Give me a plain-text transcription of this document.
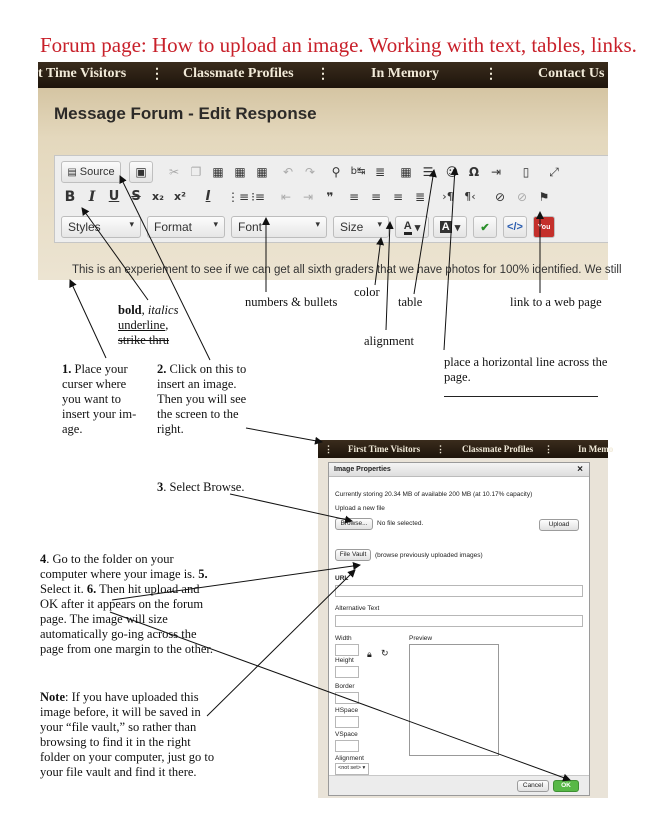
Forum page: How to upload an image. Working with text, tables, links.
t Time Visitors ⋮ Classmate Profiles ⋮	In Memory	⋮	Contact Us
Message Forum - Edit Response
▤ Source ▣	✂ ❐ ▦ ▦ ▦	↶ ↷	⚲	b↹ ≣	▦ ☰	☺ Ω ⇥	▯	⤢
B I	U S	x₂ x²	I	⋮≡ ⁝≡	⇤ ⇥	❞	≡ ≡ ≡ ≣	›¶ ¶‹	⊘ ⊘ ⚑
Styles	▾	Format ▾	Font	▾	Size ▾ A ▾	A ▾	✔	</>	You
This is an experiement to see if we can get all sixth graders that we have photos for 100% identified. We still
bold, italics
underline,
strike thru
numbers & bullets
color
table	link to a web page
alignment
place a horizontal line across the page.
1. Place your curser where you want to insert your im-age.
2. Click on this to insert an image. Then you will see the screen to the right.
3. Select Browse.
4. Go to the folder on your computer where your image is. 5. Select it. 6. Then hit upload and OK after it appears on the forum page. The image will size automatically go-ing across the page from one margin to the other.
Note: If you have uploaded this image before, it will be saved in your “file vault,” so rather than browsing to find it in the right folder on your computer, just go to your file vault and find it there.
⋮ First Time Visitors ⋮ Classmate Profiles ⋮	In Memo
Image Properties	×
Currently storing 20.34 MB of available 200 MB (at 10.17% capacity)
Upload a new file
Browse...	No file selected.	Upload
File Vault	(browse previously uploaded images)
URL
Alternative Text
Width
Height
🔒︎ ↻
Preview
Border
HSpace
VSpace
Alignment
<not set> ▾
Cancel	OK
